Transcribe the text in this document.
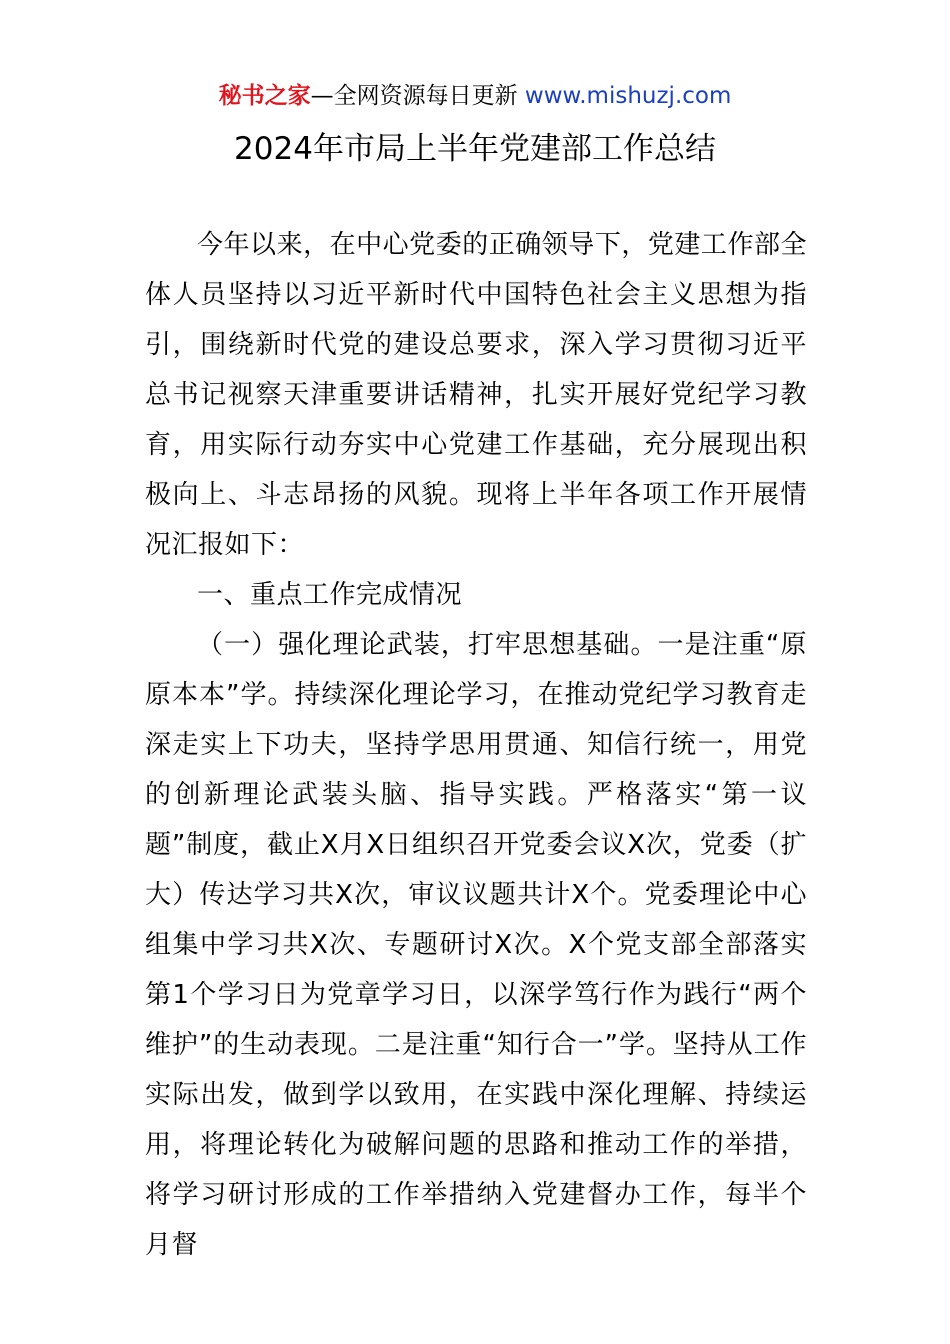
秘书之家—全网资源每日更新 www.mishuzj.com
2024年市局上半年党建部工作总结

今年以来，在中心党委的正确领导下，党建工作部全体人员坚持以习近平新时代中国特色社会主义思想为指引，围绕新时代党的建设总要求，深入学习贯彻习近平总书记视察天津重要讲话精神，扎实开展好党纪学习教育，用实际行动夯实中心党建工作基础，充分展现出积极向上、斗志昂扬的风貌。现将上半年各项工作开展情况汇报如下：

一、重点工作完成情况

（一）强化理论武装，打牢思想基础。一是注重“原原本本”学。持续深化理论学习，在推动党纪学习教育走深走实上下功夫，坚持学思用贯通、知信行统一，用党的创新理论武装头脑、指导实践。严格落实“第一议题”制度，截止X月X日组织召开党委会议X次，党委（扩大）传达学习共X次，审议议题共计X个。党委理论中心组集中学习共X次、专题研讨X次。X个党支部全部落实第1个学习日为党章学习日，以深学笃行作为践行“两个维护”的生动表现。二是注重“知行合一”学。坚持从工作实际出发，做到学以致用，在实践中深化理解、持续运用，将理论转化为破解问题的思路和推动工作的举措，将学习研讨形成的工作举措纳入党建督办工作，每半个月督
